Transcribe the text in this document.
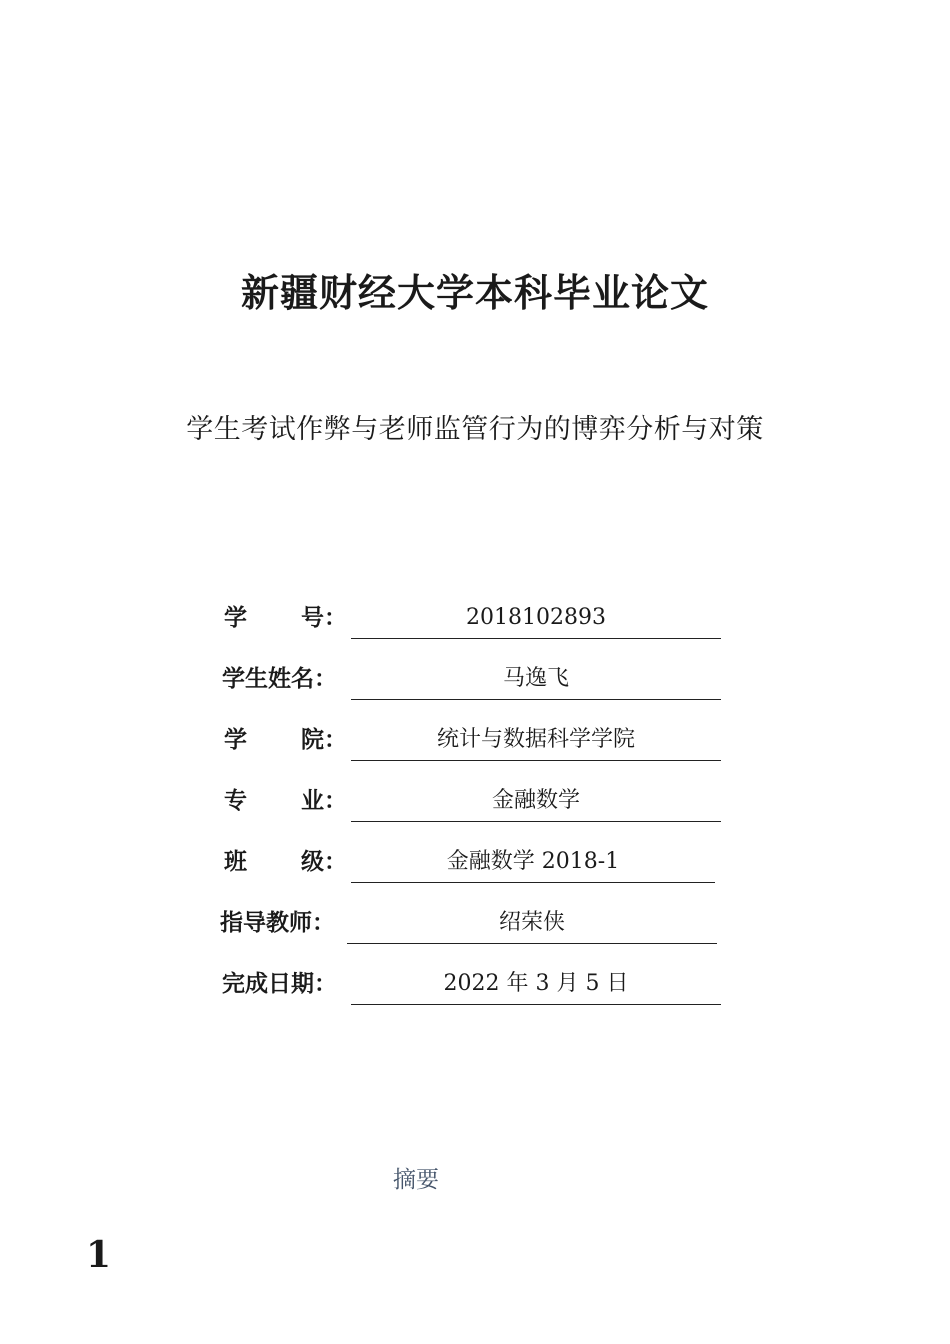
新疆财经大学本科毕业论文
学生考试作弊与老师监管行为的博弈分析与对策
学 号：	2018102893
学生姓名：	马逸飞
学 院：	统计与数据科学学院
专 业：	金融数学
班 级：	金融数学 2018-1
指导教师：	绍荣侠
完成日期：	2022 年 3 月 5 日
摘要
1
